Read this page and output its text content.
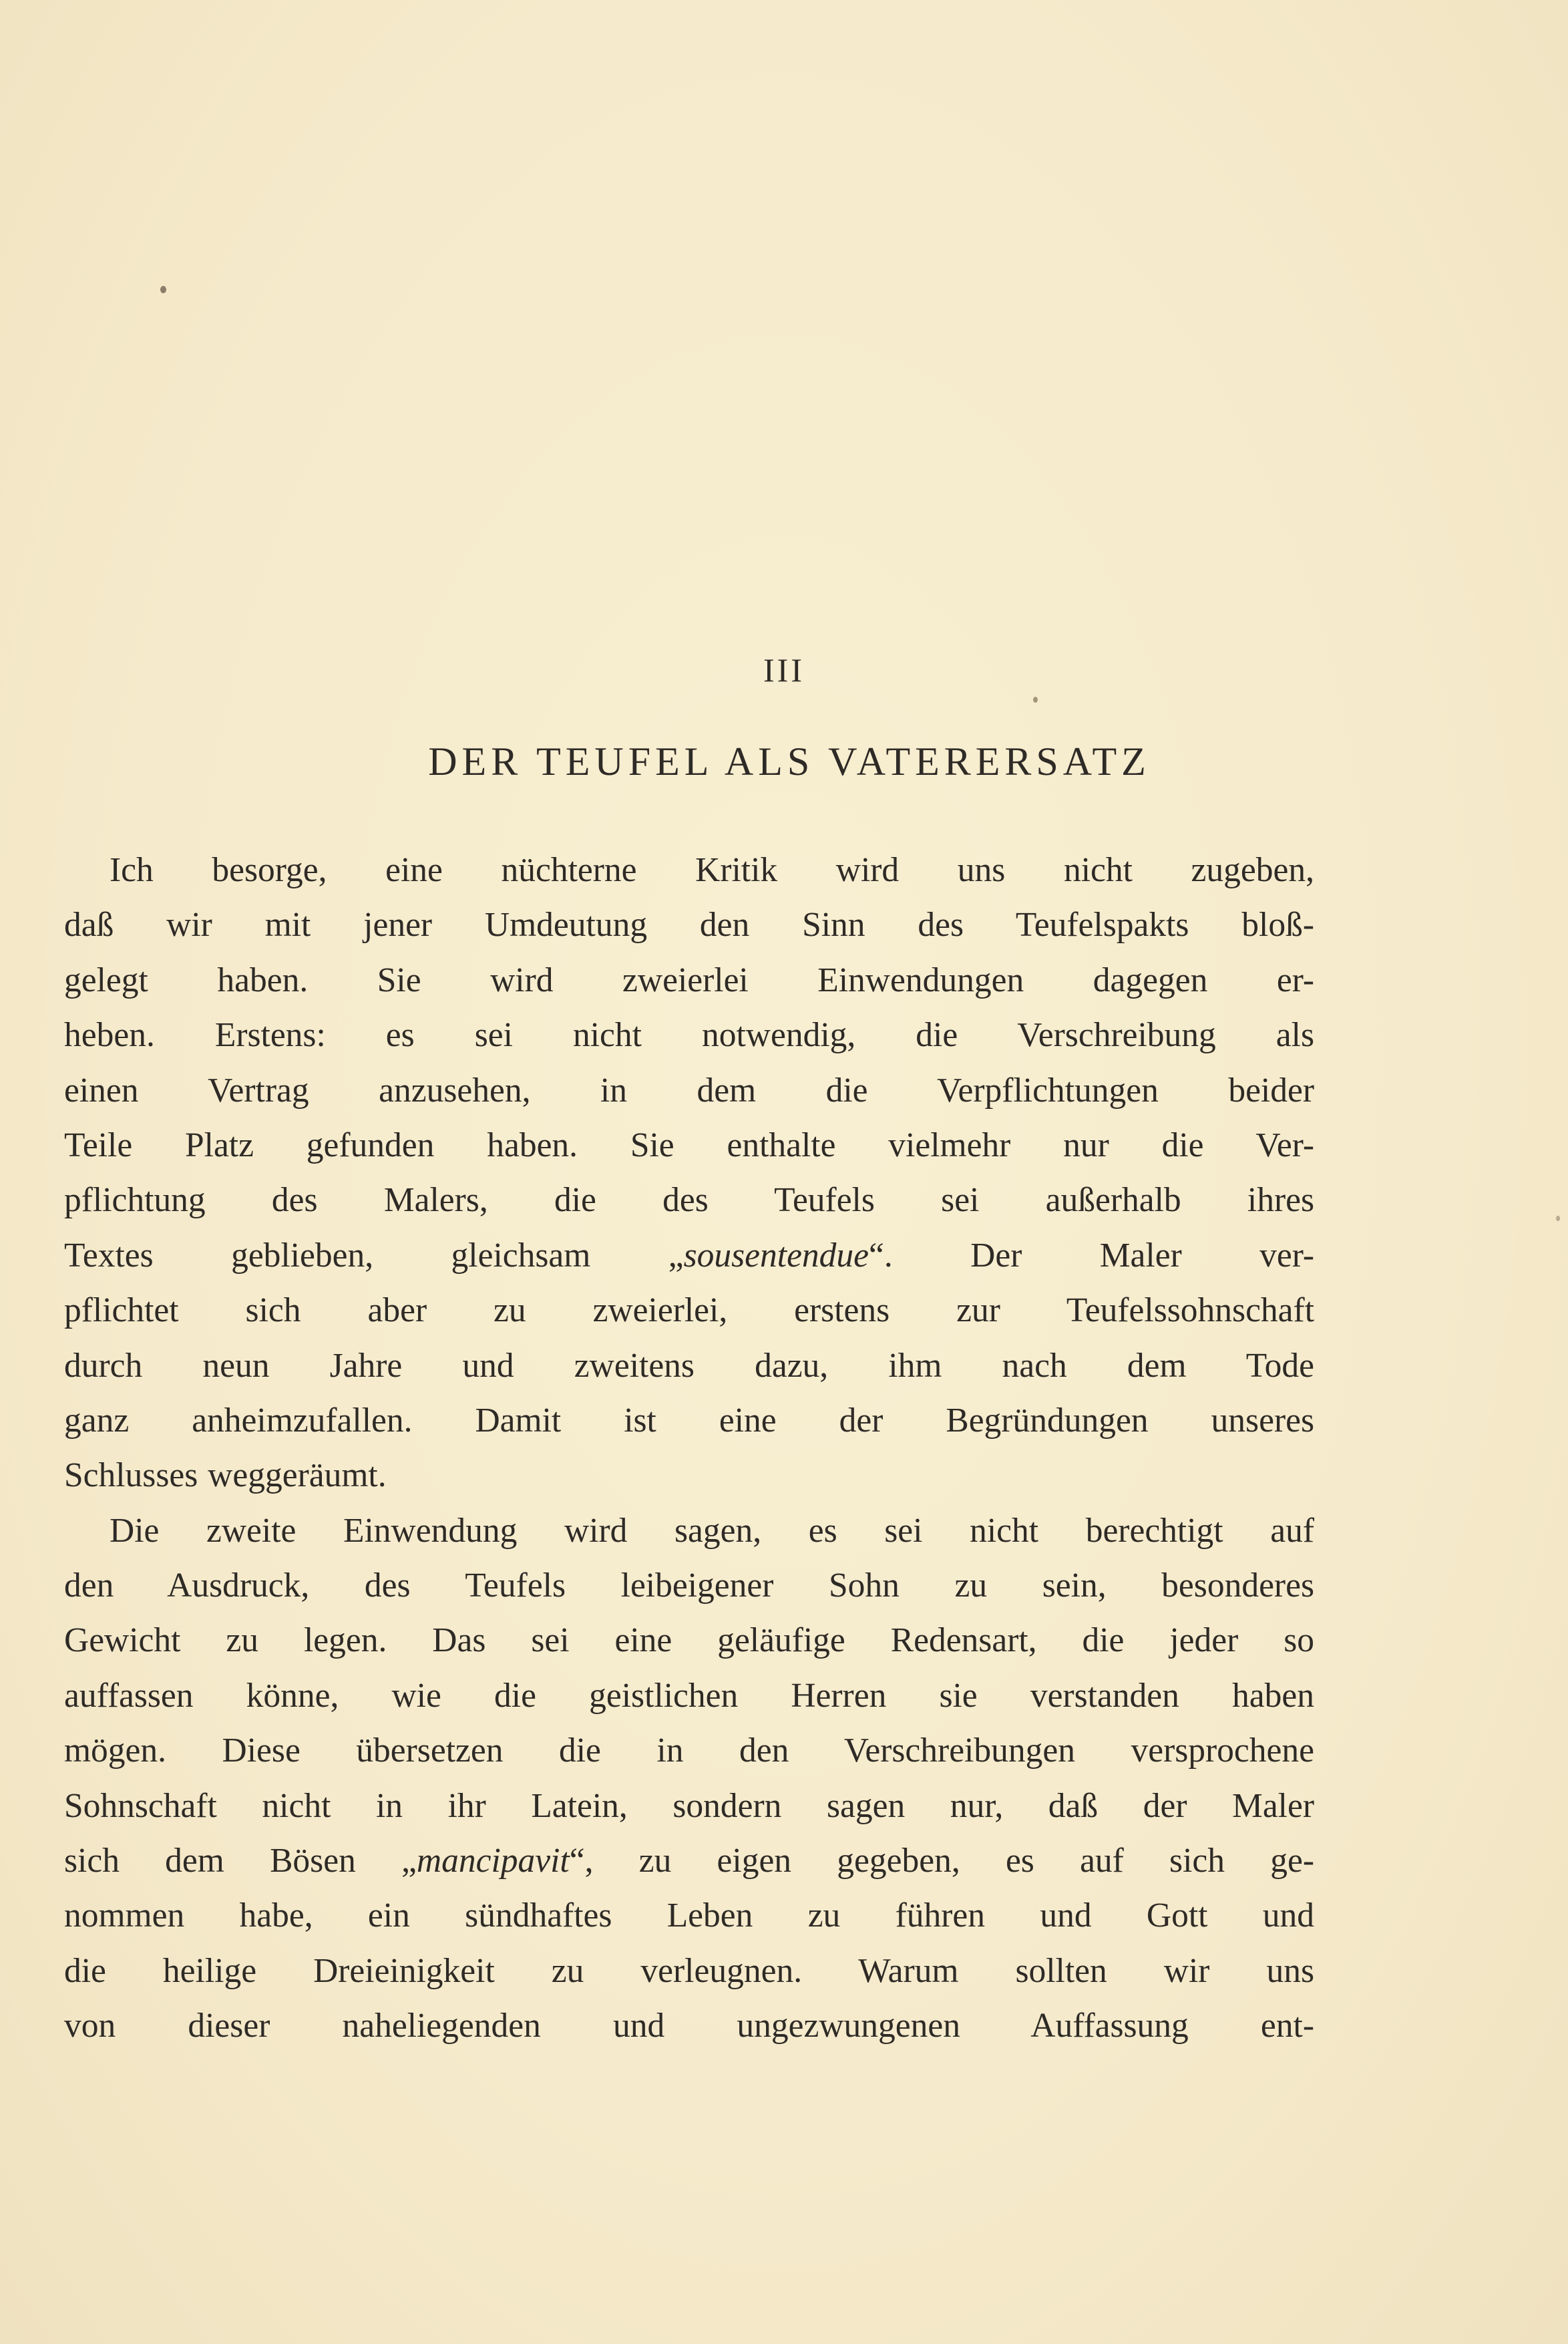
III
DER TEUFEL ALS VATERERSATZ
Ich besorge, eine nüchterne Kritik wird uns nicht zugeben,
daß wir mit jener Umdeutung den Sinn des Teufelspakts bloß-
gelegt haben. Sie wird zweierlei Einwendungen dagegen er-
heben. Erstens: es sei nicht notwendig, die Verschreibung als
einen Vertrag anzusehen, in dem die Verpflichtungen beider
Teile Platz gefunden haben. Sie enthalte vielmehr nur die Ver-
pflichtung des Malers, die des Teufels sei außerhalb ihres
Textes geblieben, gleichsam „sousentendue“. Der Maler ver-
pflichtet sich aber zu zweierlei, erstens zur Teufelssohnschaft
durch neun Jahre und zweitens dazu, ihm nach dem Tode
ganz anheimzufallen. Damit ist eine der Begründungen unseres
Schlusses weggeräumt.
Die zweite Einwendung wird sagen, es sei nicht berechtigt auf
den Ausdruck, des Teufels leibeigener Sohn zu sein, besonderes
Gewicht zu legen. Das sei eine geläufige Redensart, die jeder so
auffassen könne, wie die geistlichen Herren sie verstanden haben
mögen. Diese übersetzen die in den Verschreibungen versprochene
Sohnschaft nicht in ihr Latein, sondern sagen nur, daß der Maler
sich dem Bösen „mancipavit“, zu eigen gegeben, es auf sich ge-
nommen habe, ein sündhaftes Leben zu führen und Gott und
die heilige Dreieinigkeit zu verleugnen. Warum sollten wir uns
von dieser naheliegenden und ungezwungenen Auffassung ent-
